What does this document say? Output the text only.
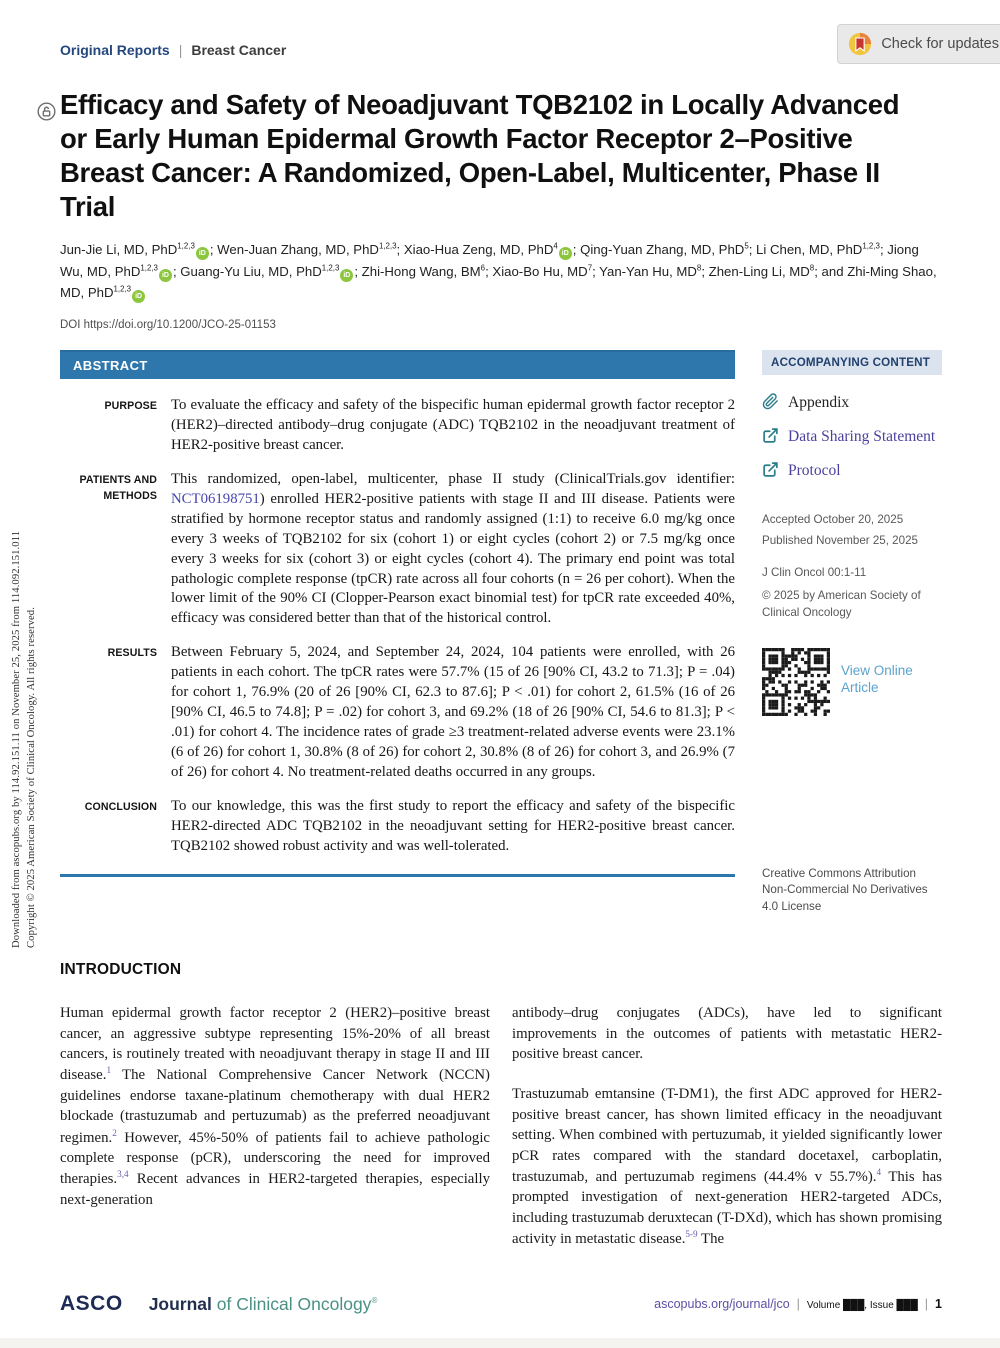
Downloaded from ascopubs.org by 114.92.151.11 on November 25, 2025 from 114.092.151.011 Copyright © 2025 American Society of Clinical Oncology. All rights reserved.
Check for updates
Original Reports | Breast Cancer
Efficacy and Safety of Neoadjuvant TQB2102 in Locally Advanced or Early Human Epidermal Growth Factor Receptor 2–Positive Breast Cancer: A Randomized, Open-Label, Multicenter, Phase II Trial
Jun-Jie Li, MD, PhD$^{1,2,3}$iD ; Wen-Juan Zhang, MD, PhD$^{1,2,3}$; Xiao-Hua Zeng, MD, PhD$^4$iD ; Qing-Yuan Zhang, MD, PhD$^5$; Li Chen, MD, PhD$^{1,2,3}$; Jiong Wu, MD, PhD$^{1,2,3}$iD ; Guang-Yu Liu, MD, PhD$^{1,2,3}$iD ; Zhi-Hong Wang, $BM^6$; Xiao-Bo Hu, $MD^7$; Yan-Yan Hu, $MD^8$; Zhen-Ling Li, $MD^8$; and Zhi-Ming Shao, MD, PhD$^{1,2,3}$iD
DOI https://doi.org/10.1200/JCO-25-01153
ABSTRACT
PURPOSE To evaluate the efficacy and safety of the bispecific human epidermal growth factor receptor 2 (HER2)–directed antibody–drug conjugate (ADC) TQB2102 in the neoadjuvant treatment of HER2-positive breast cancer.
PATIENTS AND METHODS
This randomized, open-label, multicenter, phase II study (ClinicalTrials.gov identifier: NCT06198751) enrolled HER2-positive patients with stage II and III disease. Patients were stratified by hormone receptor status and randomly assigned (1:1) to receive 6.0 mg/kg once every 3 weeks of TQB2102 for six (cohort 1) or eight cycles (cohort 2) or 7.5 mg/kg once every 3 weeks for six (cohort 3) or eight cycles (cohort 4). The primary end point was total pathologic complete response (tpCR) rate across all four cohorts (n = 26 per cohort). When the lower limit of the 90% CI (Clopper-Pearson exact binomial test) for tpCR rate exceeded 40%, efficacy was considered better than that of the historical control.
RESULTS Between February 5, 2024, and September 24, 2024, 104 patients were enrolled, with 26 patients in each cohort. The tpCR rates were 57.7% (15 of 26 [90% CI, 43.2 to 71.3]; P = .04) for cohort 1, 76.9% (20 of 26 [90% CI, 62.3 to 87.6]; P < .01) for cohort 2, 61.5% (16 of 26 [90% CI, 46.5 to 74.8]; P = .02) for cohort 3, and 69.2% (18 of 26 [90% CI, 54.6 to 81.3]; P < .01) for cohort 4. The incidence rates of grade ≥3 treatment-related adverse events were 23.1% (6 of 26) for cohort 1, 30.8% (8 of 26) for cohort 2, 30.8% (8 of 26) for cohort 3, and 26.9% (7 of 26) for cohort 4. No treatment-related deaths occurred in any groups.
CONCLUSION To our knowledge, this was the first study to report the efficacy and safety of the bispecific HER2-directed ADC TQB2102 in the neoadjuvant setting for HER2-positive breast cancer. TQB2102 showed robust activity and was well-tolerated.
ACCOMPANYING CONTENT
Appendix
Data Sharing Statement
Protocol
Accepted October 20, 2025
Published November 25, 2025
J Clin Oncol 00:1-11
© 2025 by American Society of Clinical Oncology
View Online Article
Creative Commons Attribution Non-Commercial No Derivatives 4.0 License
INTRODUCTION
Human epidermal growth factor receptor 2 (HER2)–positive breast cancer, an aggressive subtype representing 15%-20% of all breast cancers, is routinely treated with neoadjuvant therapy in stage II and III disease.$^1$ The National Comprehensive Cancer Network (NCCN) guidelines endorse taxane-platinum chemotherapy with dual HER2 blockade (trastuzumab and pertuzumab) as the preferred neoadjuvant regimen.$^2$ However, 45%-50% of patients fail to achieve pathologic complete response (pCR), underscoring the need for improved therapies.$^{3,4}$ Recent advances in HER2-targeted therapies, especially next-generation
antibody–drug conjugates (ADCs), have led to significant improvements in the outcomes of patients with metastatic HER2-positive breast cancer.
Trastuzumab emtansine (T-DM1), the first ADC approved for HER2-positive breast cancer, has shown limited efficacy in the neoadjuvant setting. When combined with pertuzumab, it yielded significantly lower pCR rates compared with the standard docetaxel, carboplatin, trastuzumab, and pertuzumab regimens (44.4% v 55.7%).$^4$ This has prompted investigation of next-generation HER2-targeted ADCs, including trastuzumab deruxtecan (T-DXd), which has shown promising activity in metastatic disease.$^{5-9}$ The
ASCO Journal of Clinical Oncology®	ascopubs.org/journal/jco | Volume ███, Issue ███ | 1
